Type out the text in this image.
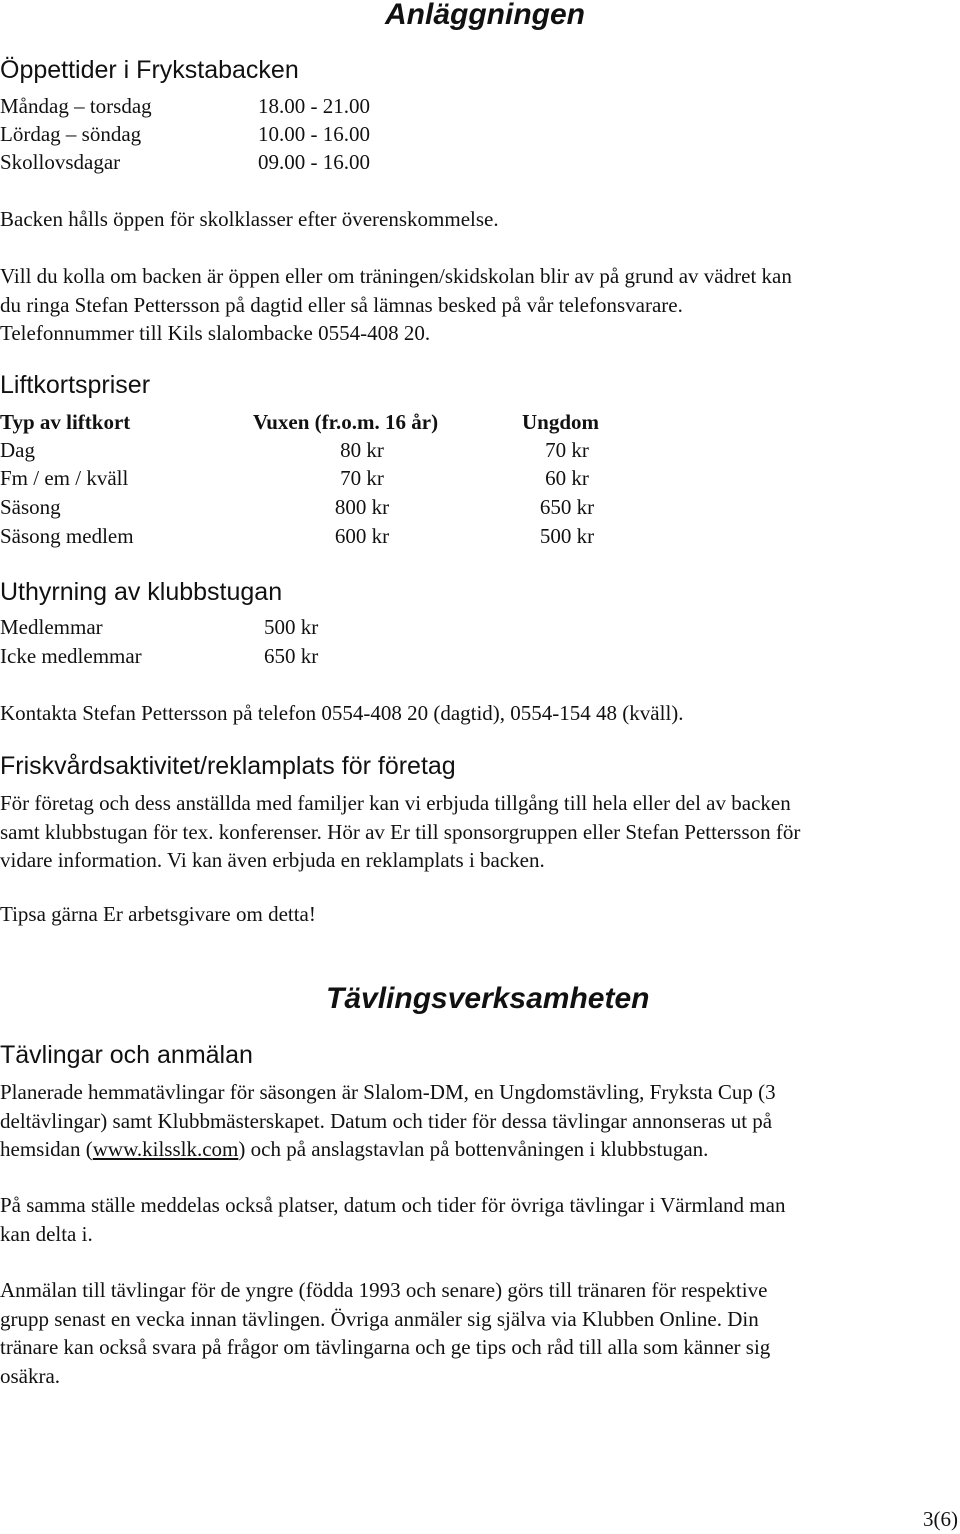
Anläggningen
Öppettider i Frykstabacken
Måndag – torsdag	18.00 - 21.00
Lördag – söndag	10.00 - 16.00
Skollovsdagar	09.00 - 16.00
Backen hålls öppen för skolklasser efter överenskommelse.
Vill du kolla om backen är öppen eller om träningen/skidskolan blir av på grund av vädret kan
du ringa Stefan Pettersson på dagtid eller så lämnas besked på vår telefonsvarare.
Telefonnummer till Kils slalombacke 0554-408 20.
Liftkortspriser
Typ av liftkort	Vuxen (fr.o.m. 16 år)	Ungdom
Dag	80 kr	70 kr
Fm / em / kväll	70 kr	60 kr
Säsong	800 kr	650 kr
Säsong medlem	600 kr	500 kr
Uthyrning av klubbstugan
Medlemmar	500 kr
Icke medlemmar	650 kr
Kontakta Stefan Pettersson på telefon 0554-408 20 (dagtid), 0554-154 48 (kväll).
Friskvårdsaktivitet/reklamplats för företag
För företag och dess anställda med familjer kan vi erbjuda tillgång till hela eller del av backen
samt klubbstugan för tex. konferenser. Hör av Er till sponsorgruppen eller Stefan Pettersson för
vidare information. Vi kan även erbjuda en reklamplats i backen.
Tipsa gärna Er arbetsgivare om detta!
Tävlingsverksamheten
Tävlingar och anmälan
Planerade hemmatävlingar för säsongen är Slalom-DM, en Ungdomstävling, Fryksta Cup (3
deltävlingar) samt Klubbmästerskapet. Datum och tider för dessa tävlingar annonseras ut på
hemsidan (www.kilsslk.com) och på anslagstavlan på bottenvåningen i klubbstugan.
På samma ställe meddelas också platser, datum och tider för övriga tävlingar i Värmland man
kan delta i.
Anmälan till tävlingar för de yngre (födda 1993 och senare) görs till tränaren för respektive
grupp senast en vecka innan tävlingen. Övriga anmäler sig själva via Klubben Online. Din
tränare kan också svara på frågor om tävlingarna och ge tips och råd till alla som känner sig
osäkra.
3(6)
